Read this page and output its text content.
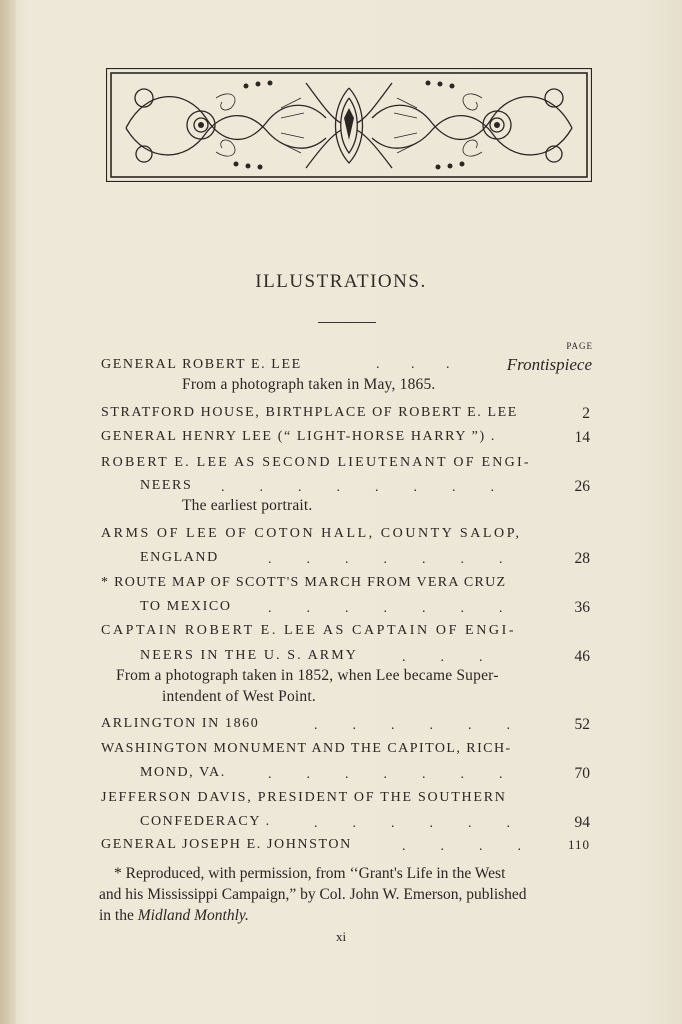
ILLUSTRATIONS.
PAGE
GENERAL ROBERT E. LEE	.         .         .	Frontispiece
From a photograph taken in May, 1865.
STRATFORD HOUSE, BIRTHPLACE OF ROBERT E. LEE	2
GENERAL HENRY LEE (“ LIGHT-HORSE HARRY ”) .	14
ROBERT E. LEE AS SECOND LIEUTENANT OF ENGI-
NEERS .          .          .          .          .          .          .          .	26
The earliest portrait.
ARMS OF LEE OF COTON HALL, COUNTY SALOP,
ENGLAND	.          .          .          .          .          .          .	28
* ROUTE MAP OF SCOTT'S MARCH FROM VERA CRUZ
TO MEXICO	.          .          .          .          .          .          .	36
CAPTAIN ROBERT E. LEE AS CAPTAIN OF ENGI-
NEERS IN THE U. S. ARMY	.          .          .	46
From a photograph taken in 1852, when Lee became Super-
intendent of West Point.
ARLINGTON IN 1860	.          .          .          .          .          .	52
WASHINGTON MONUMENT AND THE CAPITOL, RICH-
MOND, VA.	.          .          .          .          .          .          .	70
JEFFERSON DAVIS, PRESIDENT OF THE SOUTHERN
CONFEDERACY .	.          .          .          .          .          .	94
GENERAL JOSEPH E. JOHNSTON	.          .          .          .	110
* Reproduced, with permission, from ‘‘Grant's Life in the West
and his Mississippi Campaign,” by Col. John W. Emerson, published
in the Midland Monthly.
xi
